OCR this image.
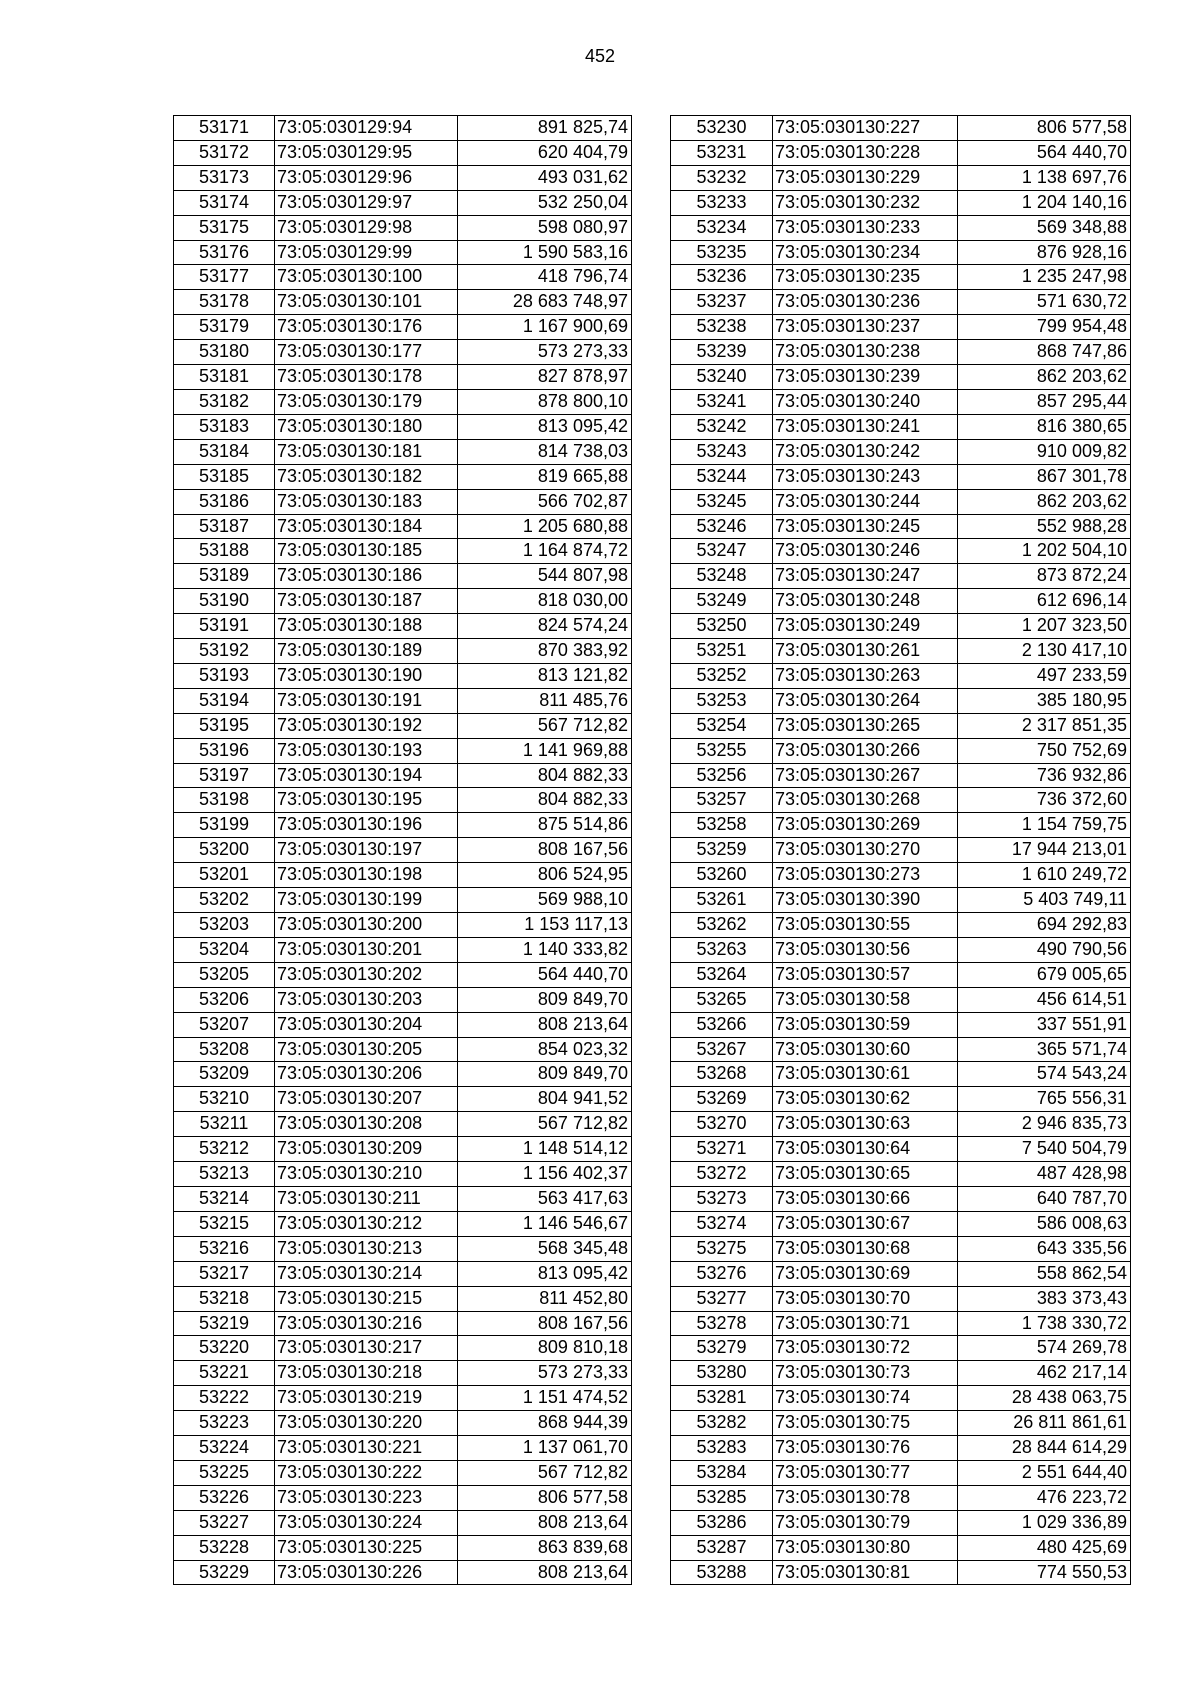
452
53171	73:05:030129:94	891 825,74
53172	73:05:030129:95	620 404,79
53173	73:05:030129:96	493 031,62
53174	73:05:030129:97	532 250,04
53175	73:05:030129:98	598 080,97
53176	73:05:030129:99	1 590 583,16
53177	73:05:030130:100	418 796,74
53178	73:05:030130:101	28 683 748,97
53179	73:05:030130:176	1 167 900,69
53180	73:05:030130:177	573 273,33
53181	73:05:030130:178	827 878,97
53182	73:05:030130:179	878 800,10
53183	73:05:030130:180	813 095,42
53184	73:05:030130:181	814 738,03
53185	73:05:030130:182	819 665,88
53186	73:05:030130:183	566 702,87
53187	73:05:030130:184	1 205 680,88
53188	73:05:030130:185	1 164 874,72
53189	73:05:030130:186	544 807,98
53190	73:05:030130:187	818 030,00
53191	73:05:030130:188	824 574,24
53192	73:05:030130:189	870 383,92
53193	73:05:030130:190	813 121,82
53194	73:05:030130:191	811 485,76
53195	73:05:030130:192	567 712,82
53196	73:05:030130:193	1 141 969,88
53197	73:05:030130:194	804 882,33
53198	73:05:030130:195	804 882,33
53199	73:05:030130:196	875 514,86
53200	73:05:030130:197	808 167,56
53201	73:05:030130:198	806 524,95
53202	73:05:030130:199	569 988,10
53203	73:05:030130:200	1 153 117,13
53204	73:05:030130:201	1 140 333,82
53205	73:05:030130:202	564 440,70
53206	73:05:030130:203	809 849,70
53207	73:05:030130:204	808 213,64
53208	73:05:030130:205	854 023,32
53209	73:05:030130:206	809 849,70
53210	73:05:030130:207	804 941,52
53211	73:05:030130:208	567 712,82
53212	73:05:030130:209	1 148 514,12
53213	73:05:030130:210	1 156 402,37
53214	73:05:030130:211	563 417,63
53215	73:05:030130:212	1 146 546,67
53216	73:05:030130:213	568 345,48
53217	73:05:030130:214	813 095,42
53218	73:05:030130:215	811 452,80
53219	73:05:030130:216	808 167,56
53220	73:05:030130:217	809 810,18
53221	73:05:030130:218	573 273,33
53222	73:05:030130:219	1 151 474,52
53223	73:05:030130:220	868 944,39
53224	73:05:030130:221	1 137 061,70
53225	73:05:030130:222	567 712,82
53226	73:05:030130:223	806 577,58
53227	73:05:030130:224	808 213,64
53228	73:05:030130:225	863 839,68
53229	73:05:030130:226	808 213,64
53230	73:05:030130:227	806 577,58
53231	73:05:030130:228	564 440,70
53232	73:05:030130:229	1 138 697,76
53233	73:05:030130:232	1 204 140,16
53234	73:05:030130:233	569 348,88
53235	73:05:030130:234	876 928,16
53236	73:05:030130:235	1 235 247,98
53237	73:05:030130:236	571 630,72
53238	73:05:030130:237	799 954,48
53239	73:05:030130:238	868 747,86
53240	73:05:030130:239	862 203,62
53241	73:05:030130:240	857 295,44
53242	73:05:030130:241	816 380,65
53243	73:05:030130:242	910 009,82
53244	73:05:030130:243	867 301,78
53245	73:05:030130:244	862 203,62
53246	73:05:030130:245	552 988,28
53247	73:05:030130:246	1 202 504,10
53248	73:05:030130:247	873 872,24
53249	73:05:030130:248	612 696,14
53250	73:05:030130:249	1 207 323,50
53251	73:05:030130:261	2 130 417,10
53252	73:05:030130:263	497 233,59
53253	73:05:030130:264	385 180,95
53254	73:05:030130:265	2 317 851,35
53255	73:05:030130:266	750 752,69
53256	73:05:030130:267	736 932,86
53257	73:05:030130:268	736 372,60
53258	73:05:030130:269	1 154 759,75
53259	73:05:030130:270	17 944 213,01
53260	73:05:030130:273	1 610 249,72
53261	73:05:030130:390	5 403 749,11
53262	73:05:030130:55	694 292,83
53263	73:05:030130:56	490 790,56
53264	73:05:030130:57	679 005,65
53265	73:05:030130:58	456 614,51
53266	73:05:030130:59	337 551,91
53267	73:05:030130:60	365 571,74
53268	73:05:030130:61	574 543,24
53269	73:05:030130:62	765 556,31
53270	73:05:030130:63	2 946 835,73
53271	73:05:030130:64	7 540 504,79
53272	73:05:030130:65	487 428,98
53273	73:05:030130:66	640 787,70
53274	73:05:030130:67	586 008,63
53275	73:05:030130:68	643 335,56
53276	73:05:030130:69	558 862,54
53277	73:05:030130:70	383 373,43
53278	73:05:030130:71	1 738 330,72
53279	73:05:030130:72	574 269,78
53280	73:05:030130:73	462 217,14
53281	73:05:030130:74	28 438 063,75
53282	73:05:030130:75	26 811 861,61
53283	73:05:030130:76	28 844 614,29
53284	73:05:030130:77	2 551 644,40
53285	73:05:030130:78	476 223,72
53286	73:05:030130:79	1 029 336,89
53287	73:05:030130:80	480 425,69
53288	73:05:030130:81	774 550,53
